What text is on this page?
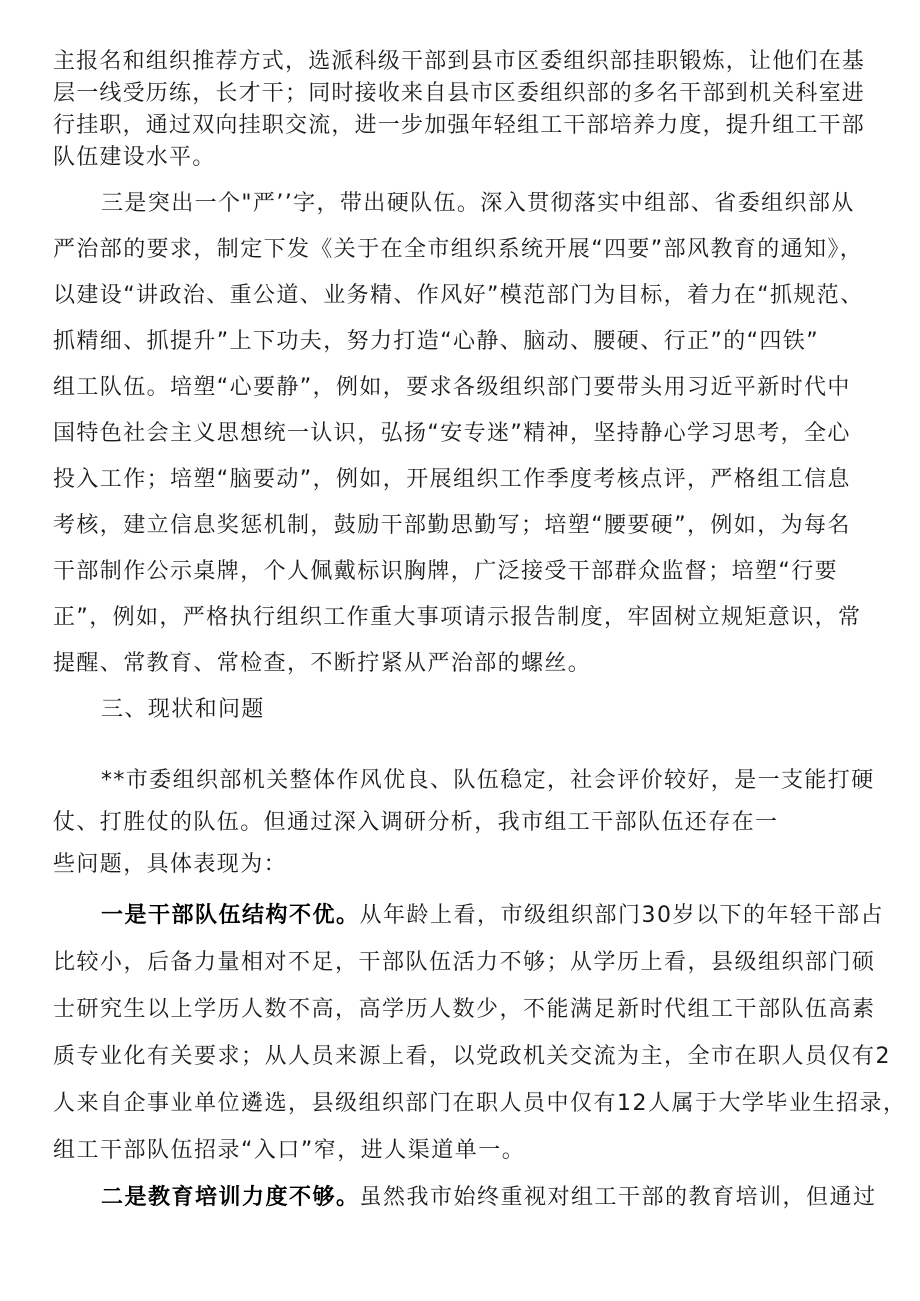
主报名和组织推荐方式，选派科级干部到县市区委组织部挂职锻炼，让他们在基
层一线受历练，长才干；同时接收来自县市区委组织部的多名干部到机关科室进
行挂职，通过双向挂职交流，进一步加强年轻组工干部培养力度，提升组工干部
队伍建设水平。

三是突出一个"严’’字，带出硬队伍。深入贯彻落实中组部、省委组织部从
严治部的要求，制定下发《关于在全市组织系统开展“四要”部风教育的通知》，
以建设“讲政治、重公道、业务精、作风好”模范部门为目标，着力在“抓规范、
抓精细、抓提升”上下功夫，努力打造“心静、脑动、腰硬、行正”的“四铁”
组工队伍。培塑“心要静”，例如，要求各级组织部门要带头用习近平新时代中
国特色社会主义思想统一认识，弘扬“安专迷”精神，坚持静心学习思考，全心
投入工作；培塑“脑要动”，例如，开展组织工作季度考核点评，严格组工信息
考核，建立信息奖惩机制，鼓励干部勤思勤写；培塑“腰要硬”，例如，为每名
干部制作公示桌牌，个人佩戴标识胸牌，广泛接受干部群众监督；培塑“行要
正”，例如，严格执行组织工作重大事项请示报告制度，牢固树立规矩意识，常
提醒、常教育、常检查，不断拧紧从严治部的螺丝。
三、现状和问题
**市委组织部机关整体作风优良、队伍稳定，社会评价较好，是一支能打硬
仗、打胜仗的队伍。但通过深入调研分析，我市组工干部队伍还存在一
些问题，具体表现为：
一是干部队伍结构不优。从年龄上看，市级组织部门30岁以下的年轻干部占
比较小，后备力量相对不足，干部队伍活力不够；从学历上看，县级组织部门硕
士研究生以上学历人数不高，高学历人数少，不能满足新时代组工干部队伍高素
质专业化有关要求；从人员来源上看，以党政机关交流为主，全市在职人员仅有2
人来自企事业单位遴选，县级组织部门在职人员中仅有12人属于大学毕业生招录，
组工干部队伍招录“入口”窄，进人渠道单一。
二是教育培训力度不够。虽然我市始终重视对组工干部的教育培训，但通过
